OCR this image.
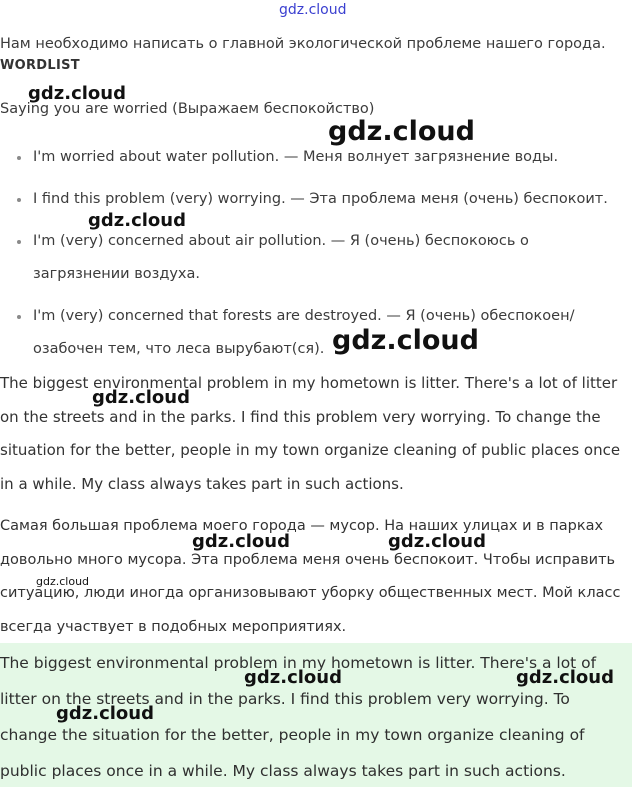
gdz.cloud
Нам необходимо написать о главной экологической проблеме нашего города.
WORDLIST
Saying you are worried (Выражаем беспокойство)
I'm worried about water pollution. — Меня волнует загрязнение воды.
I find this problem (very) worrying. — Эта проблема меня (очень) беспокоит.
I'm (very) concerned about air pollution. — Я (очень) беспокоюсь о загрязнении воздуха.
I'm (very) concerned that forests are destroyed. — Я (очень) обеспокоен/озабочен тем, что леса вырубают(ся).
The biggest environmental problem in my hometown is litter. There's a lot of litter on the streets and in the parks. I find this problem very worrying. To change the situation for the better, people in my town organize cleaning of public places once in a while. My class always takes part in such actions.
Самая большая проблема моего города — мусор. На наших улицах и в парках довольно много мусора. Эта проблема меня очень беспокоит. Чтобы исправить ситуацию, люди иногда организовывают уборку общественных мест. Мой класс всегда участвует в подобных мероприятиях.
The biggest environmental problem in my hometown is litter. There's a lot of litter on the streets and in the parks. I find this problem very worrying. To change the situation for the better, people in my town organize cleaning of public places once in a while. My class always takes part in such actions.
gdz.cloud
gdz.cloud
gdz.cloud
gdz.cloud
gdz.cloud
gdz.cloud	gdz.cloud
gdz.cloud
gdz.cloud	gdz.cloud
gdz.cloud
